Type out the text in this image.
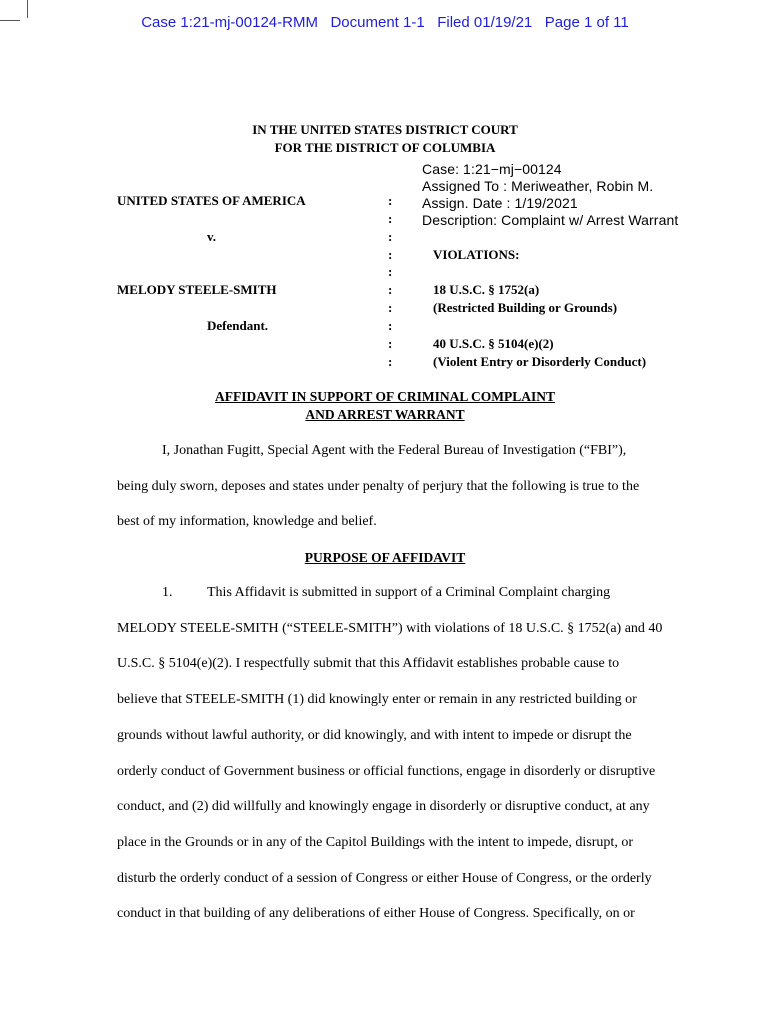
Case 1:21-mj-00124-RMM Document 1-1 Filed 01/19/21 Page 1 of 11
IN THE UNITED STATES DISTRICT COURT
FOR THE DISTRICT OF COLUMBIA
Case: 1:21−mj−00124
Assigned To : Meriweather, Robin M.
Assign. Date : 1/19/2021
Description: Complaint w/ Arrest Warrant
UNITED STATES OF AMERICA
v.
MELODY STEELE-SMITH
Defendant.
:
:
:
:
:
:
:
:
:
:
VIOLATIONS:
18 U.S.C. § 1752(a)
(Restricted Building or Grounds)
40 U.S.C. § 5104(e)(2)
(Violent Entry or Disorderly Conduct)
AFFIDAVIT IN SUPPORT OF CRIMINAL COMPLAINT
AND ARREST WARRANT
I, Jonathan Fugitt, Special Agent with the Federal Bureau of Investigation (“FBI”),
being duly sworn, deposes and states under penalty of perjury that the following is true to the
best of my information, knowledge and belief.
PURPOSE OF AFFIDAVIT
1. This Affidavit is submitted in support of a Criminal Complaint charging
MELODY STEELE-SMITH (“STEELE-SMITH”) with violations of 18 U.S.C. § 1752(a) and 40
U.S.C. § 5104(e)(2). I respectfully submit that this Affidavit establishes probable cause to
believe that STEELE-SMITH (1) did knowingly enter or remain in any restricted building or
grounds without lawful authority, or did knowingly, and with intent to impede or disrupt the
orderly conduct of Government business or official functions, engage in disorderly or disruptive
conduct, and (2) did willfully and knowingly engage in disorderly or disruptive conduct, at any
place in the Grounds or in any of the Capitol Buildings with the intent to impede, disrupt, or
disturb the orderly conduct of a session of Congress or either House of Congress, or the orderly
conduct in that building of any deliberations of either House of Congress. Specifically, on or
